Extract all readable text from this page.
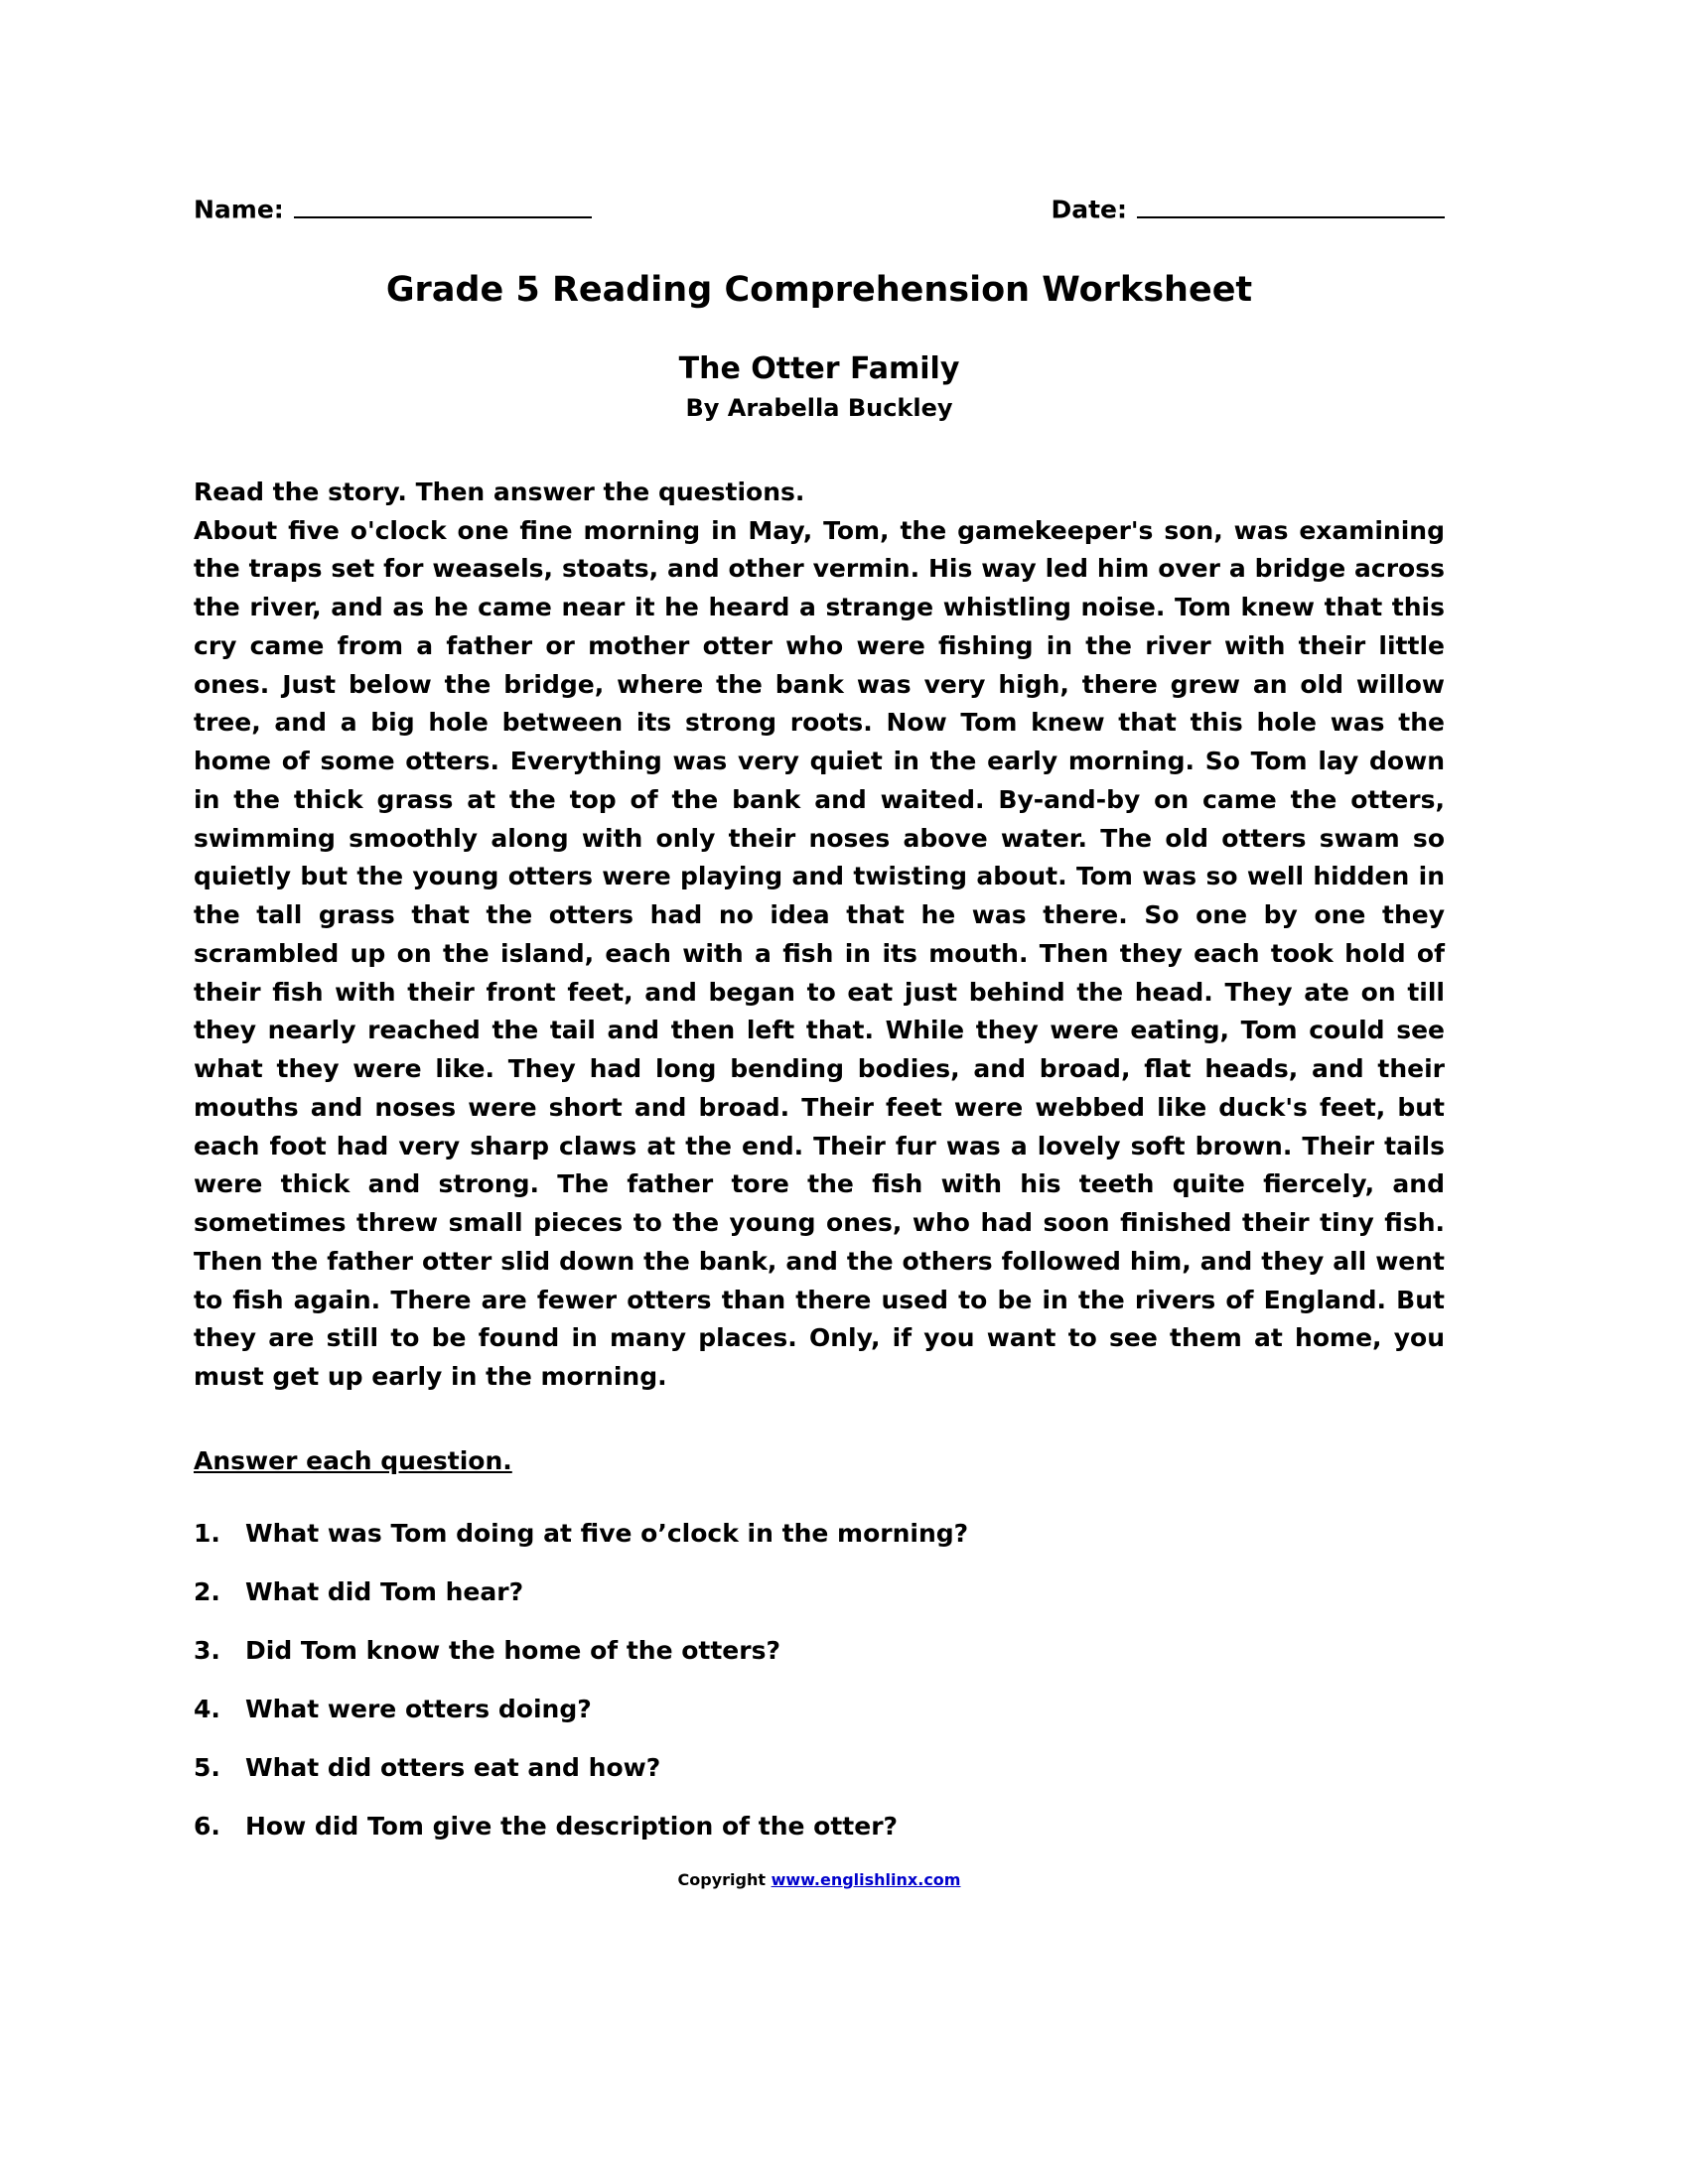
Name:	Date:
Grade 5 Reading Comprehension Worksheet
The Otter Family
By Arabella Buckley
Read the story. Then answer the questions.
About five o'clock one fine morning in May, Tom, the gamekeeper's son, was examining the traps set for weasels, stoats, and other vermin. His way led him over a bridge across the river, and as he came near it he heard a strange whistling noise. Tom knew that this cry came from a father or mother otter who were fishing in the river with their little ones. Just below the bridge, where the bank was very high, there grew an old willow tree, and a big hole between its strong roots. Now Tom knew that this hole was the home of some otters. Everything was very quiet in the early morning. So Tom lay down in the thick grass at the top of the bank and waited. By-and-by on came the otters, swimming smoothly along with only their noses above water. The old otters swam so quietly but the young otters were playing and twisting about. Tom was so well hidden in the tall grass that the otters had no idea that he was there. So one by one they scrambled up on the island, each with a fish in its mouth. Then they each took hold of their fish with their front feet, and began to eat just behind the head. They ate on till they nearly reached the tail and then left that. While they were eating, Tom could see what they were like. They had long bending bodies, and broad, flat heads, and their mouths and noses were short and broad. Their feet were webbed like duck's feet, but each foot had very sharp claws at the end. Their fur was a lovely soft brown. Their tails were thick and strong. The father tore the fish with his teeth quite fiercely, and sometimes threw small pieces to the young ones, who had soon finished their tiny fish. Then the father otter slid down the bank, and the others followed him, and they all went to fish again. There are fewer otters than there used to be in the rivers of England. But they are still to be found in many places. Only, if you want to see them at home, you must get up early in the morning.
Answer each question.
1.	What was Tom doing at five o’clock in the morning?
2.	What did Tom hear?
3.	Did Tom know the home of the otters?
4.	What were otters doing?
5.	What did otters eat and how?
6.	How did Tom give the description of the otter?
Copyright www.englishlinx.com
